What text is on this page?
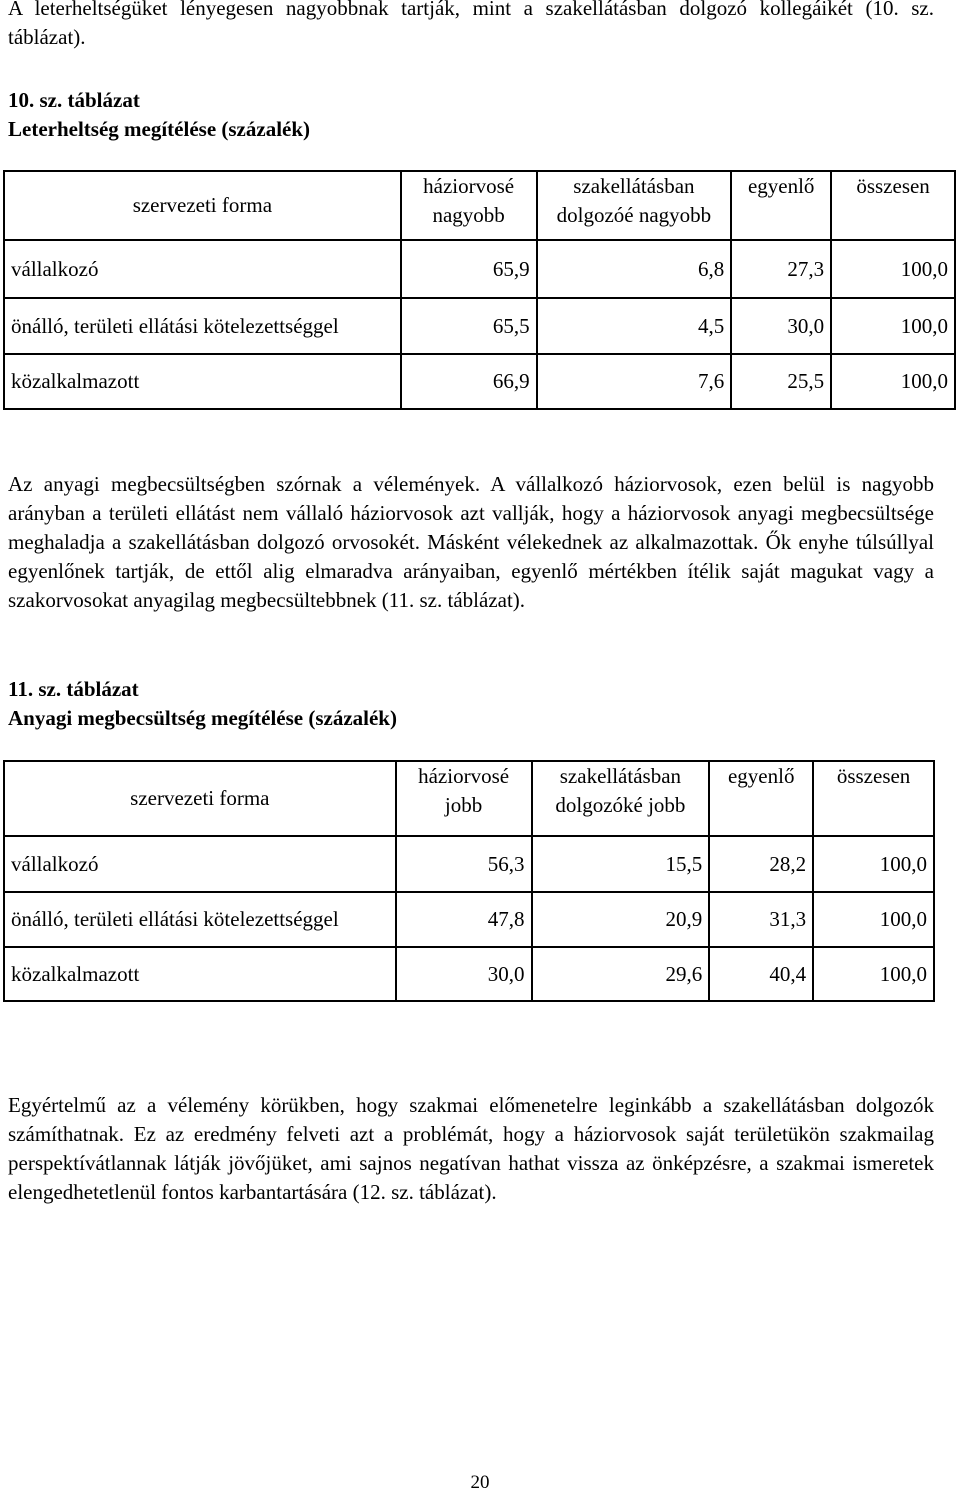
A leterheltségüket lényegesen nagyobbnak tartják, mint a szakellátásban dolgozó kollegáikét (10. sz. táblázat).

10. sz. táblázat
Leterheltség megítélése (százalék)
szervezeti forma	háziorvosé nagyobb	szakellátásban dolgozóé nagyobb	egyenlő	összesen
vállalkozó	65,9	6,8	27,3	100,0
önálló, területi ellátási kötelezettséggel	65,5	4,5	30,0	100,0
közalkalmazott	66,9	7,6	25,5	100,0

Az anyagi megbecsültségben szórnak a vélemények. A vállalkozó háziorvosok, ezen belül is nagyobb arányban a területi ellátást nem vállaló háziorvosok azt vallják, hogy a háziorvosok anyagi megbecsültsége meghaladja a szakellátásban dolgozó orvosokét. Másként vélekednek az alkalmazottak. Ők enyhe túlsúllyal egyenlőnek tartják, de ettől alig elmaradva arányaiban, egyenlő mértékben ítélik saját magukat vagy a szakorvosokat anyagilag megbecsültebbnek (11. sz. táblázat).

11. sz. táblázat
Anyagi megbecsültség megítélése (százalék)
szervezeti forma	háziorvosé jobb	szakellátásban dolgozóké jobb	egyenlő	összesen
vállalkozó	56,3	15,5	28,2	100,0
önálló, területi ellátási kötelezettséggel	47,8	20,9	31,3	100,0
közalkalmazott	30,0	29,6	40,4	100,0

Egyértelmű az a vélemény körükben, hogy szakmai előmenetelre leginkább a szakellátásban dolgozók számíthatnak. Ez az eredmény felveti azt a problémát, hogy a háziorvosok saját területükön szakmailag perspektívátlannak látják jövőjüket, ami sajnos negatívan hathat vissza az önképzésre, a szakmai ismeretek elengedhetetlenül fontos karbantartására (12. sz. táblázat).

20
